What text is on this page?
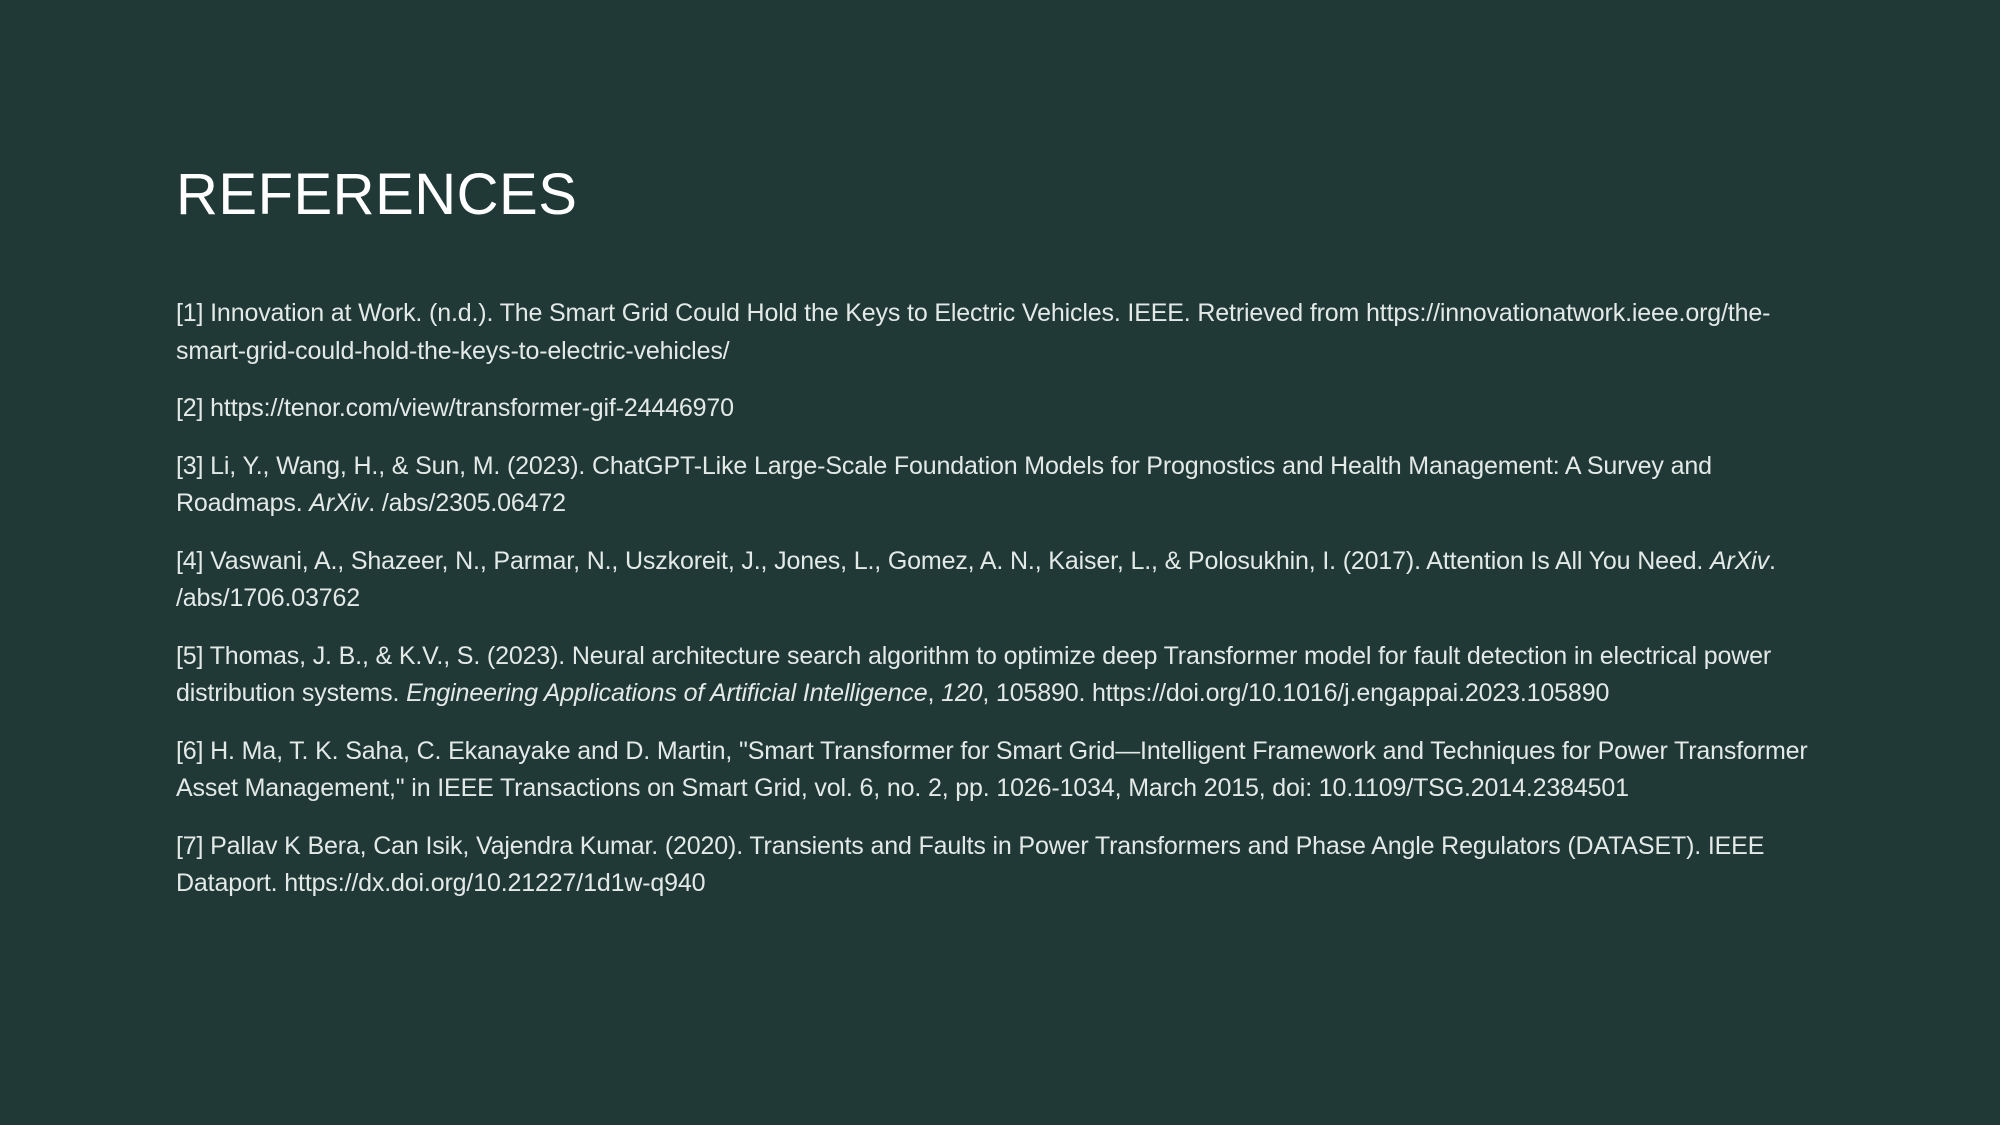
REFERENCES
[1] Innovation at Work. (n.d.). The Smart Grid Could Hold the Keys to Electric Vehicles. IEEE. Retrieved from https://innovationatwork.ieee.org/the-smart-grid-could-hold-the-keys-to-electric-vehicles/
[2] https://tenor.com/view/transformer-gif-24446970
[3] Li, Y., Wang, H., & Sun, M. (2023). ChatGPT-Like Large-Scale Foundation Models for Prognostics and Health Management: A Survey and Roadmaps. ArXiv. /abs/2305.06472
[4] Vaswani, A., Shazeer, N., Parmar, N., Uszkoreit, J., Jones, L., Gomez, A. N., Kaiser, L., & Polosukhin, I. (2017). Attention Is All You Need. ArXiv. /abs/1706.03762
[5] Thomas, J. B., & K.V., S. (2023). Neural architecture search algorithm to optimize deep Transformer model for fault detection in electrical power distribution systems. Engineering Applications of Artificial Intelligence, 120, 105890. https://doi.org/10.1016/j.engappai.2023.105890
[6] H. Ma, T. K. Saha, C. Ekanayake and D. Martin, "Smart Transformer for Smart Grid—Intelligent Framework and Techniques for Power Transformer Asset Management," in IEEE Transactions on Smart Grid, vol. 6, no. 2, pp. 1026-1034, March 2015, doi: 10.1109/TSG.2014.2384501
[7] Pallav K Bera, Can Isik, Vajendra Kumar. (2020). Transients and Faults in Power Transformers and Phase Angle Regulators (DATASET). IEEE Dataport. https://dx.doi.org/10.21227/1d1w-q940
